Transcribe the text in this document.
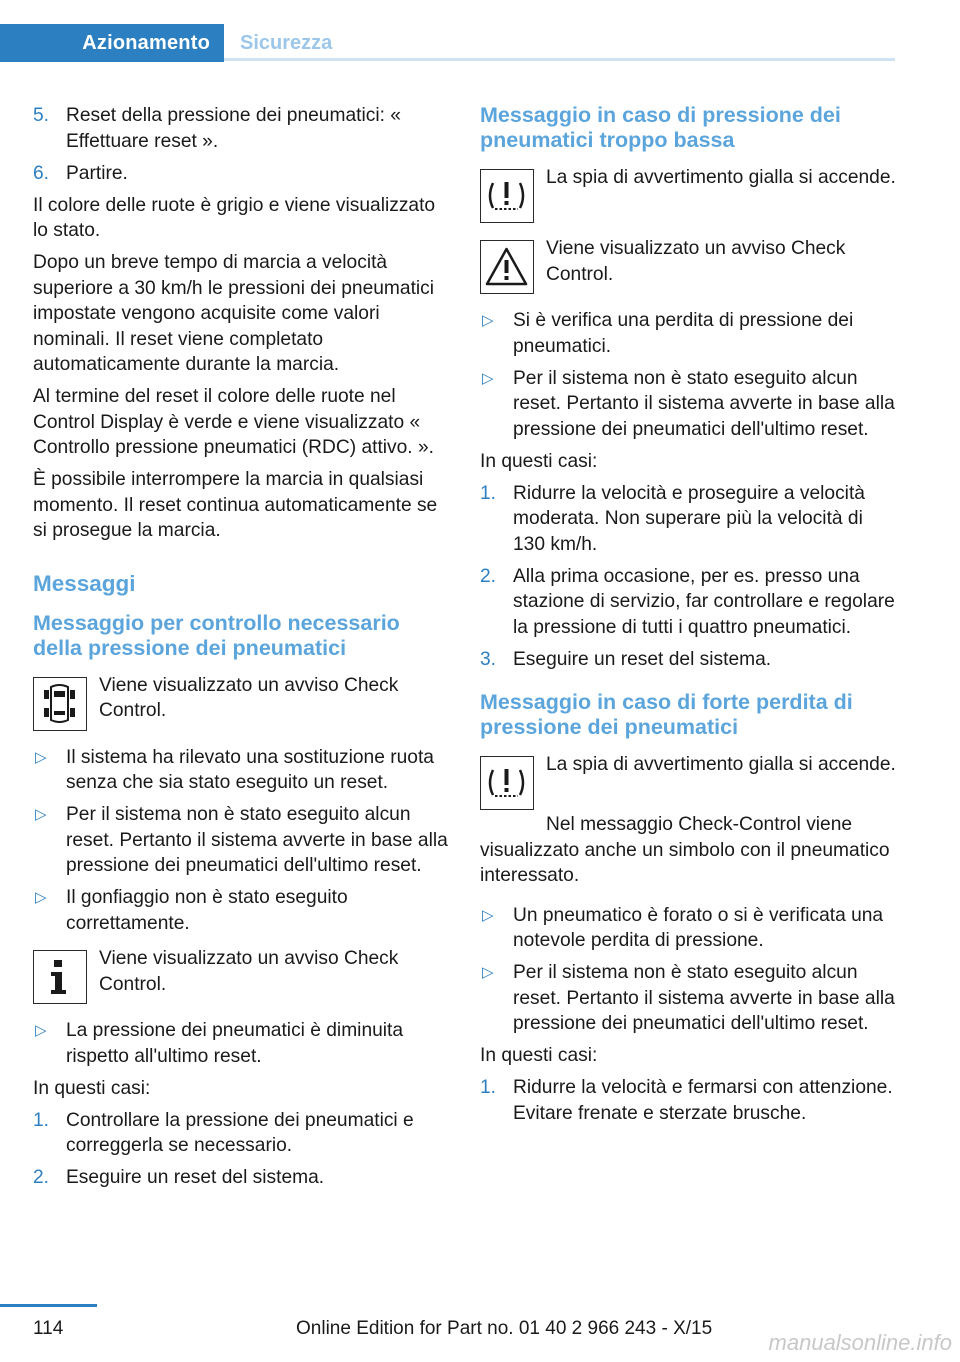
Azionamento	Sicurezza
5. Reset della pressione dei pneumatici: « Effettuare reset ».
6. Partire.

Il colore delle ruote è grigio e viene visualizzato lo stato.

Dopo un breve tempo di marcia a velocità superiore a 30 km/h le pressioni dei pneumatici impostate vengono acquisite come valori nominali. Il reset viene completato automaticamente durante la marcia.

Al termine del reset il colore delle ruote nel Control Display è verde e viene visualizzato « Controllo pressione pneumatici (RDC) attivo. ».

È possibile interrompere la marcia in qualsiasi momento. Il reset continua automaticamente se si prosegue la marcia.

Messaggi
Messaggio per controllo necessario della pressione dei pneumatici
Viene visualizzato un avviso Check Control.
▷ Il sistema ha rilevato una sostituzione ruota senza che sia stato eseguito un reset.
▷ Per il sistema non è stato eseguito alcun reset. Pertanto il sistema avverte in base alla pressione dei pneumatici dell'ultimo reset.
▷ Il gonfiaggio non è stato eseguito correttamente.
Viene visualizzato un avviso Check Control.
▷ La pressione dei pneumatici è diminuita rispetto all'ultimo reset.

In questi casi:

1. Controllare la pressione dei pneumatici e correggerla se necessario.
2. Eseguire un reset del sistema.
Messaggio in caso di pressione dei pneumatici troppo bassa
La spia di avvertimento gialla si accende.
Viene visualizzato un avviso Check Control.
▷ Si è verifica una perdita di pressione dei pneumatici.
▷ Per il sistema non è stato eseguito alcun reset. Pertanto il sistema avverte in base alla pressione dei pneumatici dell'ultimo reset.

In questi casi:

1. Ridurre la velocità e proseguire a velocità moderata. Non superare più la velocità di 130 km/h.
2. Alla prima occasione, per es. presso una stazione di servizio, far controllare e regolare la pressione di tutti i quattro pneumatici.
3. Eseguire un reset del sistema.
Messaggio in caso di forte perdita di pressione dei pneumatici
La spia di avvertimento gialla si accende.

Nel messaggio Check-Control viene visualizzato anche un simbolo con il pneumatico interessato.

▷ Un pneumatico è forato o si è verificata una notevole perdita di pressione.
▷ Per il sistema non è stato eseguito alcun reset. Pertanto il sistema avverte in base alla pressione dei pneumatici dell'ultimo reset.

In questi casi:

1. Ridurre la velocità e fermarsi con attenzione. Evitare frenate e sterzate brusche.
114	Online Edition for Part no. 01 40 2 966 243 - X/15
manualsonline.info
